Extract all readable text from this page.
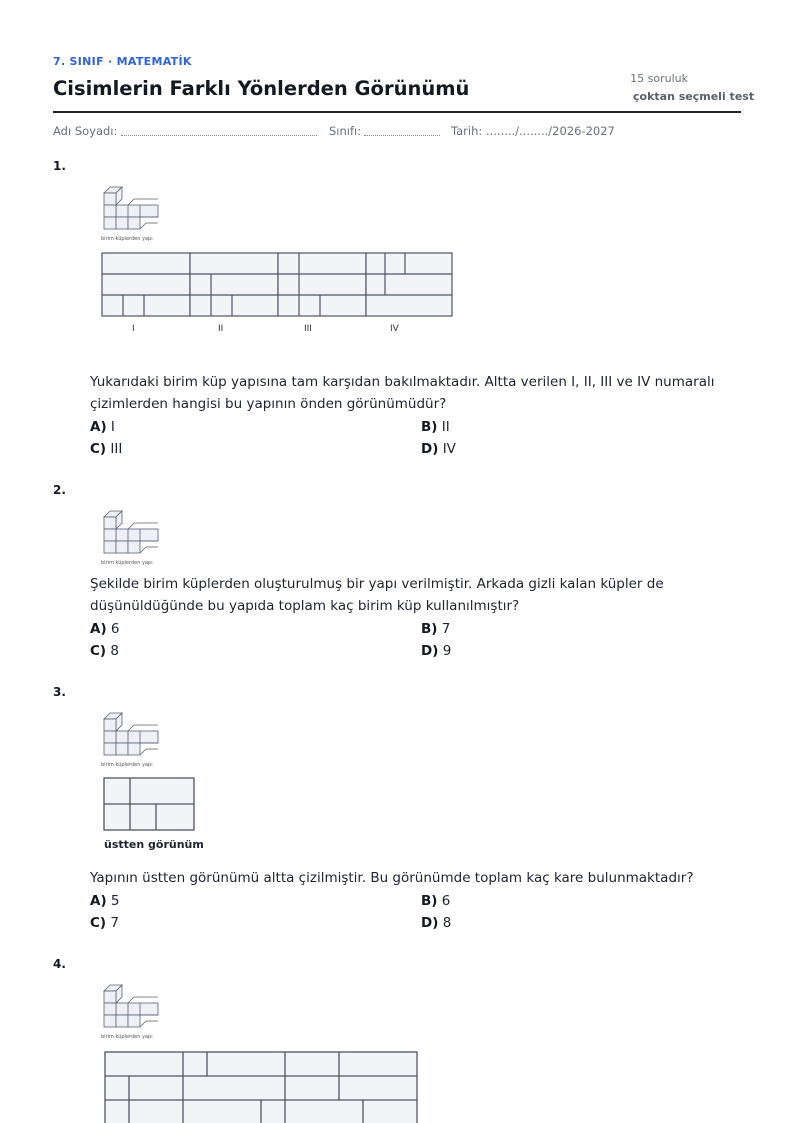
7. SINIF · MATEMATİK
Cisimlerin Farklı Yönlerden Görünümü	15 soruluk
çoktan seçmeli test
Adı Soyadı:	Sınıfı:	Tarih: ......../......../2026-2027
1.
birim küplerden yapı
I	II	III	IV
Yukarıdaki birim küp yapısına tam karşıdan bakılmaktadır. Altta verilen I, II, III ve IV numaralı çizimlerden hangisi bu yapının önden görünümüdür?
A) I	B) II
C) III	D) IV
2.
birim küplerden yapı
Şekilde birim küplerden oluşturulmuş bir yapı verilmiştir. Arkada gizli kalan küpler de düşünüldüğünde bu yapıda toplam kaç birim küp kullanılmıştır?
A) 6	B) 7
C) 8	D) 9
3.
birim küplerden yapı
üstten görünüm
Yapının üstten görünümü altta çizilmiştir. Bu görünümde toplam kaç kare bulunmaktadır?
A) 5	B) 6
C) 7	D) 8
4.
birim küplerden yapı
